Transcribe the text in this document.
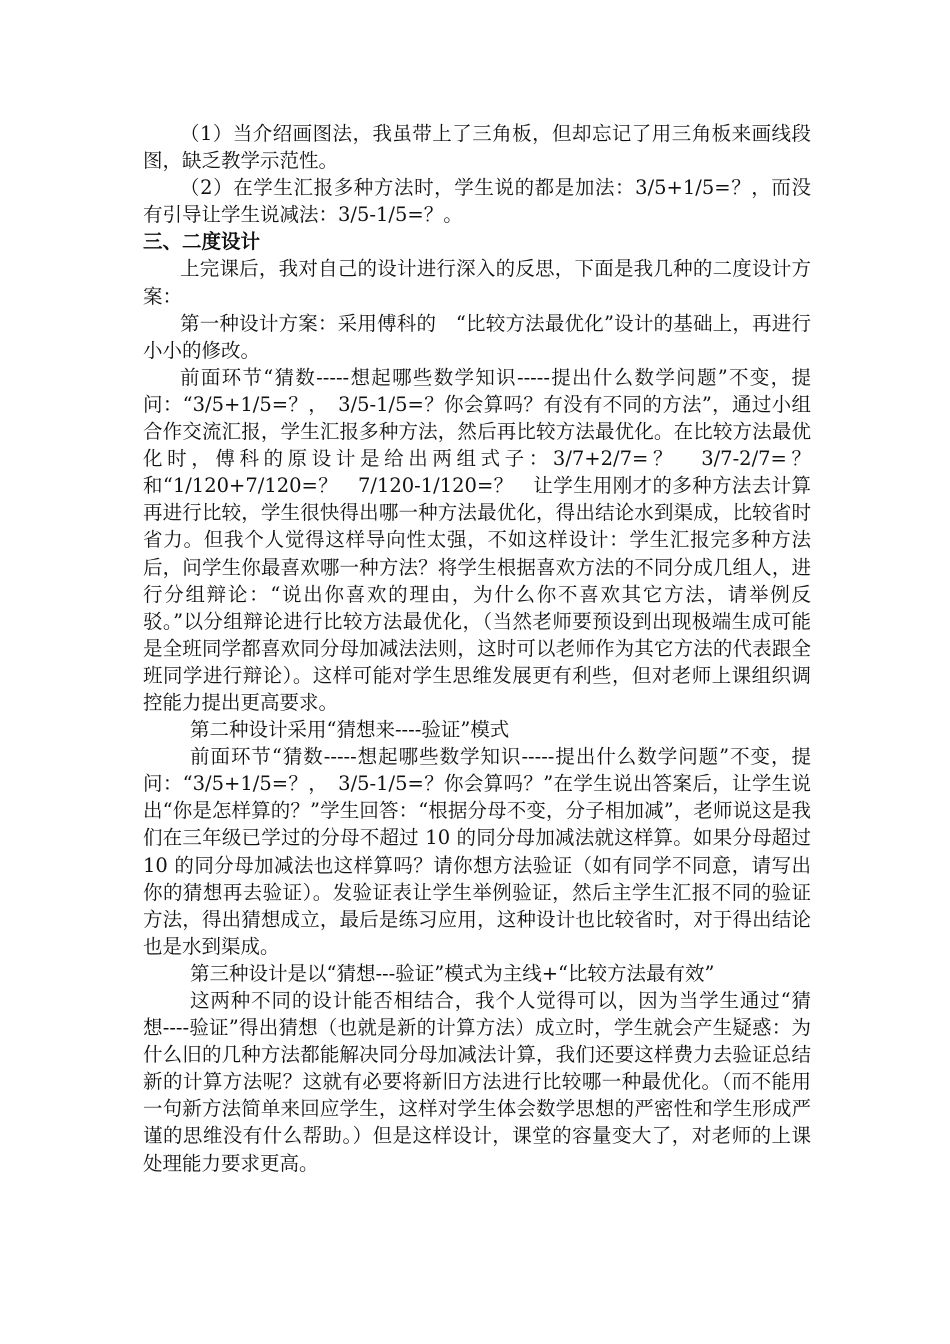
（1）当介绍画图法，我虽带上了三角板，但却忘记了用三角板来画线段图，缺乏教学示范性。

（2）在学生汇报多种方法时，学生说的都是加法：3/5+1/5=？，而没有引导让学生说减法：3/5-1/5=？。

三、二度设计

上完课后，我对自己的设计进行深入的反思，下面是我几种的二度设计方案：

第一种设计方案：采用傅科的　“比较方法最优化”设计的基础上，再进行小小的修改。

前面环节“猜数-----想起哪些数学知识-----提出什么数学问题”不变，提问：“3/5+1/5=？，　3/5-1/5=？你会算吗？有没有不同的方法”，通过小组合作交流汇报，学生汇报多种方法，然后再比较方法最优化。在比较方法最优化时，傅科的原设计是给出两组式子：3/7+2/7=？　3/7-2/7=？和“1/120+7/120=？　7/120-1/120=？　让学生用刚才的多种方法去计算再进行比较，学生很快得出哪一种方法最优化，得出结论水到渠成，比较省时省力。但我个人觉得这样导向性太强，不如这样设计：学生汇报完多种方法后，问学生你最喜欢哪一种方法？将学生根据喜欢方法的不同分成几组人，进行分组辩论：“说出你喜欢的理由，为什么你不喜欢其它方法，请举例反驳。”以分组辩论进行比较方法最优化，（当然老师要预设到出现极端生成可能是全班同学都喜欢同分母加减法法则，这时可以老师作为其它方法的代表跟全班同学进行辩论）。这样可能对学生思维发展更有利些，但对老师上课组织调控能力提出更高要求。

第二种设计采用“猜想来----验证”模式

前面环节“猜数-----想起哪些数学知识-----提出什么数学问题”不变，提问：“3/5+1/5=？，　3/5-1/5=？你会算吗？”在学生说出答案后，让学生说出“你是怎样算的？”学生回答：“根据分母不变，分子相加减”，老师说这是我们在三年级已学过的分母不超过 10 的同分母加减法就这样算。如果分母超过 10 的同分母加减法也这样算吗？请你想方法验证（如有同学不同意，请写出你的猜想再去验证）。发验证表让学生举例验证，然后主学生汇报不同的验证方法，得出猜想成立，最后是练习应用，这种设计也比较省时，对于得出结论也是水到渠成。

第三种设计是以“猜想---验证”模式为主线+“比较方法最有效”

这两种不同的设计能否相结合，我个人觉得可以，因为当学生通过“猜想----验证”得出猜想（也就是新的计算方法）成立时，学生就会产生疑惑：为什么旧的几种方法都能解决同分母加减法计算，我们还要这样费力去验证总结新的计算方法呢？这就有必要将新旧方法进行比较哪一种最优化。（而不能用一句新方法简单来回应学生，这样对学生体会数学思想的严密性和学生形成严谨的思维没有什么帮助。）但是这样设计，课堂的容量变大了，对老师的上课处理能力要求更高。
